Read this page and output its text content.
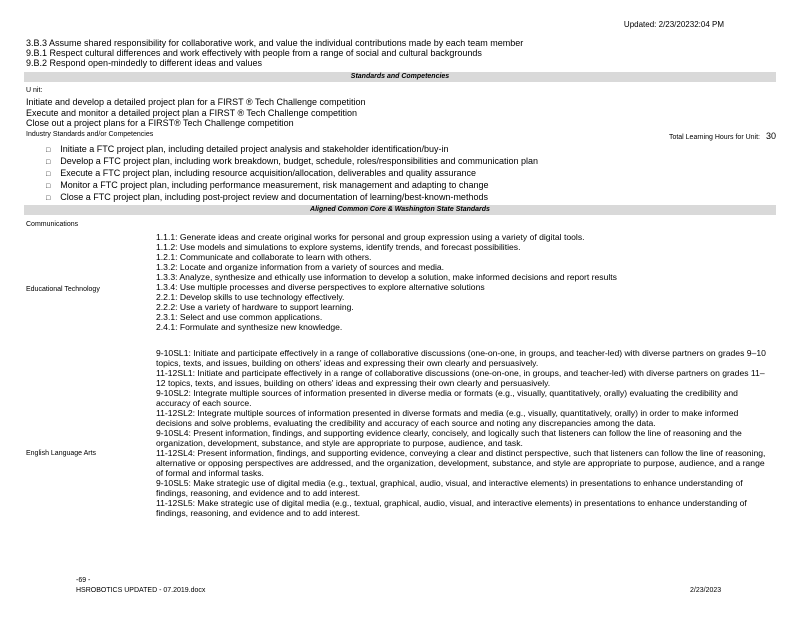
Updated: 2/23/20232:04 PM
3.B.3 Assume shared responsibility for collaborative work, and value the individual contributions made by each team member
9.B.1 Respect cultural differences and work effectively with people from a range of social and cultural backgrounds
9.B.2 Respond open-mindedly to different ideas and values
Standards and Competencies
U nit:
Initiate and develop a detailed project plan for a FIRST ® Tech Challenge competition
Execute and monitor a detailed project plan a FIRST ® Tech Challenge competition
Close out a project plans for a FIRST® Tech Challenge competition
Industry Standards and/or Competencies	Total Learning Hours for Unit: 30
□ Initiate a FTC project plan, including detailed project analysis and stakeholder identification/buy-in
□ Develop a FTC project plan, including work breakdown, budget, schedule, roles/responsibilities and communication plan
□ Execute a FTC project plan, including resource acquisition/allocation, deliverables and quality assurance
□ Monitor a FTC project plan, including performance measurement, risk management and adapting to change
□ Close a FTC project plan, including post-project review and documentation of learning/best-known-methods
Aligned Common Core & Washington State Standards
Communications
Educational Technology
English Language Arts
1.1.1: Generate ideas and create original works for personal and group expression using a variety of digital tools.
1.1.2: Use models and simulations to explore systems, identify trends, and forecast possibilities.
1.2.1: Communicate and collaborate to learn with others.
1.3.2: Locate and organize information from a variety of sources and media.
1.3.3: Analyze, synthesize and ethically use information to develop a solution, make informed decisions and report results
1.3.4: Use multiple processes and diverse perspectives to explore alternative solutions
2.2.1: Develop skills to use technology effectively.
2.2.2: Use a variety of hardware to support learning.
2.3.1: Select and use common applications.
2.4.1: Formulate and synthesize new knowledge.
9-10SL1: Initiate and participate effectively in a range of collaborative discussions (one-on-one, in groups, and teacher-led) with diverse partners on grades 9–10 topics, texts, and issues, building on others' ideas and expressing their own clearly and persuasively.
11-12SL1: Initiate and participate effectively in a range of collaborative discussions (one-on-one, in groups, and teacher-led) with diverse partners on grades 11–12 topics, texts, and issues, building on others' ideas and expressing their own clearly and persuasively.
9-10SL2: Integrate multiple sources of information presented in diverse media or formats (e.g., visually, quantitatively, orally) evaluating the credibility and accuracy of each source.
11-12SL2: Integrate multiple sources of information presented in diverse formats and media (e.g., visually, quantitatively, orally) in order to make informed decisions and solve problems, evaluating the credibility and accuracy of each source and noting any discrepancies among the data.
9-10SL4: Present information, findings, and supporting evidence clearly, concisely, and logically such that listeners can follow the line of reasoning and the organization, development, substance, and style are appropriate to purpose, audience, and task.
11-12SL4: Present information, findings, and supporting evidence, conveying a clear and distinct perspective, such that listeners can follow the line of reasoning, alternative or opposing perspectives are addressed, and the organization, development, substance, and style are appropriate to purpose, audience, and a range of formal and informal tasks.
9-10SL5: Make strategic use of digital media (e.g., textual, graphical, audio, visual, and interactive elements) in presentations to enhance understanding of findings, reasoning, and evidence and to add interest.
11-12SL5: Make strategic use of digital media (e.g., textual, graphical, audio, visual, and interactive elements) in presentations to enhance understanding of findings, reasoning, and evidence and to add interest.
-69 -
HSROBOTICS UPDATED - 07.2019.docx	2/23/2023
